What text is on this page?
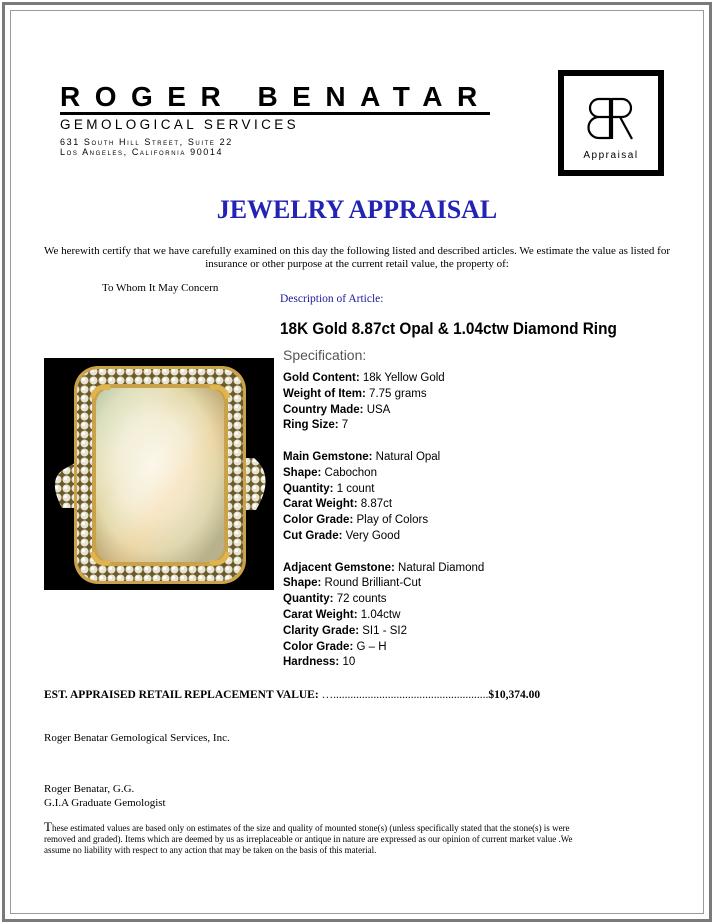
ROGER BENATAR
GEMOLOGICAL SERVICES
631 South Hill Street, Suite 22
Los Angeles, California 90014	Appraisal
JEWELRY APPRAISAL
We herewith certify that we have carefully examined on this day the following listed and described articles. We estimate the value as listed for insurance or other purpose at the current retail value, the property of:
To Whom It May Concern
Description of Article:
18K Gold 8.87ct Opal & 1.04ctw Diamond Ring
Specification:
Gold Content: 18k Yellow Gold
Weight of Item: 7.75 grams
Country Made: USA
Ring Size: 7
Main Gemstone: Natural Opal
Shape: Cabochon
Quantity: 1 count
Carat Weight: 8.87ct
Color Grade: Play of Colors
Cut Grade: Very Good
Adjacent Gemstone: Natural Diamond
Shape: Round Brilliant-Cut
Quantity: 72 counts
Carat Weight: 1.04ctw
Clarity Grade: SI1 - SI2
Color Grade: G – H
Hardness: 10
EST. APPRAISED RETAIL REPLACEMENT VALUE: …......................................................$10,374.00
Roger Benatar Gemological Services, Inc.
Roger Benatar, G.G.
G.I.A Graduate Gemologist
These estimated values are based only on estimates of the size and quality of mounted stone(s) (unless specifically stated that the stone(s) is were removed and graded). Items which are deemed by us as irreplaceable or antique in nature are expressed as our opinion of current market value .We assume no liability with respect to any action that may be taken on the basis of this material.
